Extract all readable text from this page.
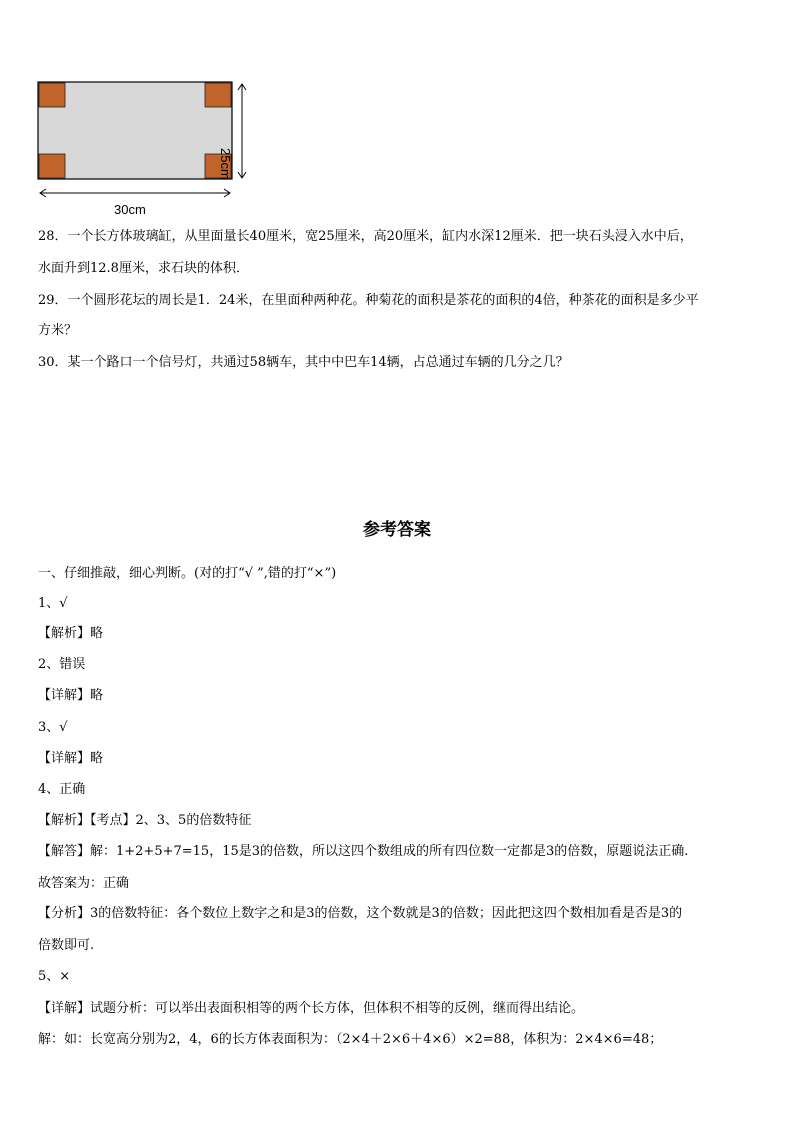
30cm
25cm
28．一个长方体玻璃缸，从里面量长40厘米，宽25厘米，高20厘米，缸内水深12厘米．把一块石头浸入水中后，
水面升到12.8厘米，求石块的体积．
29．一个圆形花坛的周长是1．24米，在里面种两种花。种菊花的面积是茶花的面积的4倍，种茶花的面积是多少平
方米？
30．某一个路口一个信号灯，共通过58辆车，其中中巴车14辆，占总通过车辆的几分之几？
参考答案
一、仔细推敲，细心判断。(对的打“√ ”,错的打“×”)
1、√
【解析】略
2、错误
【详解】略
3、√
【详解】略
4、正确
【解析】【考点】2、3、5的倍数特征
【解答】解：1+2+5+7=15，15是3的倍数，所以这四个数组成的所有四位数一定都是3的倍数，原题说法正确.
故答案为：正确
【分析】3的倍数特征：各个数位上数字之和是3的倍数，这个数就是3的倍数；因此把这四个数相加看是否是3的
倍数即可.
5、×
【详解】试题分析：可以举出表面积相等的两个长方体，但体积不相等的反例，继而得出结论。
解：如：长宽高分别为2，4，6的长方体表面积为：（2×4＋2×6＋4×6）×2=88，体积为：2×4×6=48；
